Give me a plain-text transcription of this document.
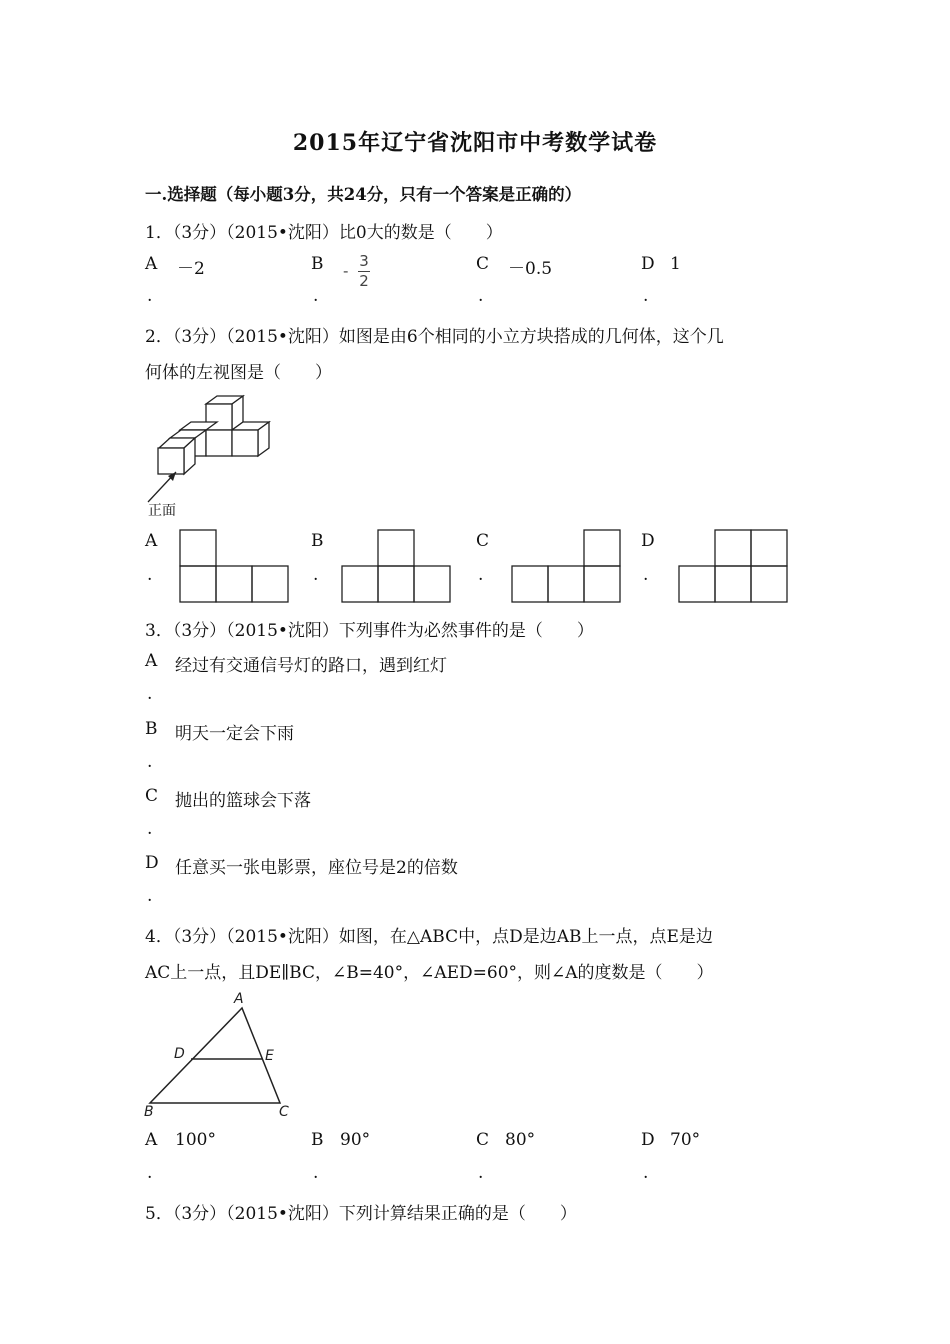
2015年辽宁省沈阳市中考数学试卷
一.选择题（每小题3分，共24分，只有一个答案是正确的）
1．（3分）（2015•沈阳）比0大的数是（　　）
A －2
.
B -
3
2
.
C －0.5
.
D 1
.
2．（3分）（2015•沈阳）如图是由6个相同的小立方块搭成的几何体，这个几
何体的左视图是（　　）
正面
A
.
B
.
C
.
D
.
3．（3分）（2015•沈阳）下列事件为必然事件的是（　　）
A 经过有交通信号灯的路口，遇到红灯
.
B 明天一定会下雨
.
C 抛出的篮球会下落
.
D 任意买一张电影票，座位号是2的倍数
.
4．（3分）（2015•沈阳）如图，在△ABC中，点D是边AB上一点，点E是边
AC上一点，且DE∥BC，∠B=40°，∠AED=60°，则∠A的度数是（　　）
A
B	C
D	E
A 100°
.
B 90°
.
C 80°
.
D 70°
.
5．（3分）（2015•沈阳）下列计算结果正确的是（　　）
